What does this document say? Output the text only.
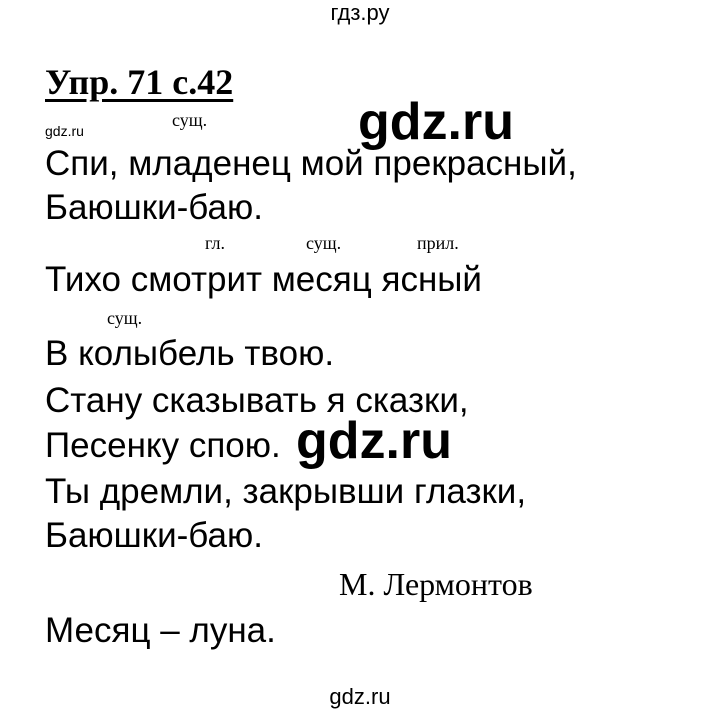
гдз.ру
Упр. 71 с.42
gdz.ru
gdz.ru
сущ.
Спи, младенец мой прекрасный,
Баюшки-баю.
гл.	сущ.	прил.
Тихо смотрит месяц ясный
сущ.
В колыбель твою.
Стану сказывать я сказки,
Песенку спою. gdz.ru
Ты дремли, закрывши глазки,
Баюшки-баю.
М. Лермонтов
Месяц – луна.
gdz.ru
